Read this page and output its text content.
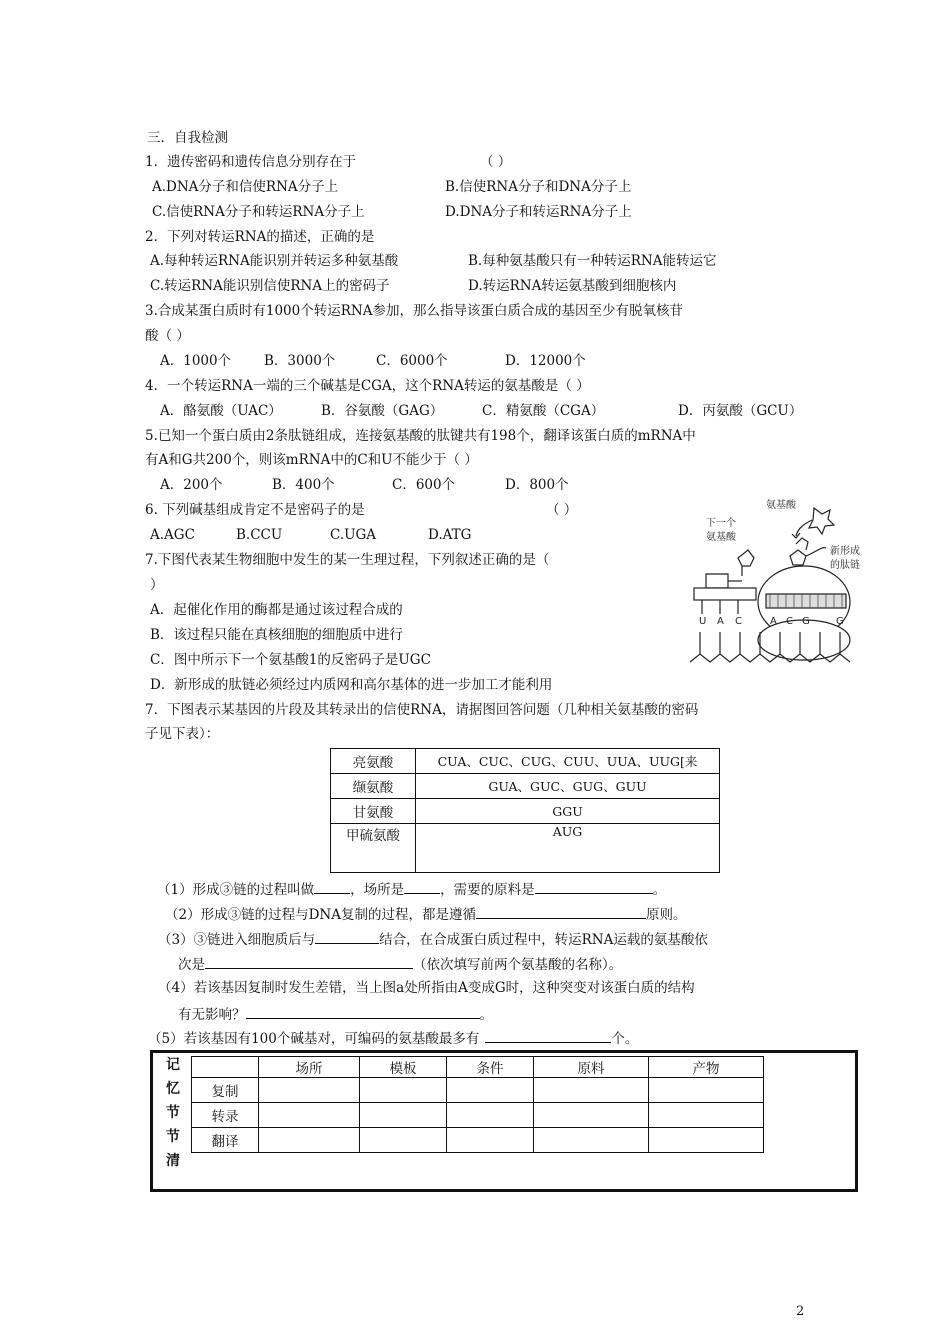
三．自我检测
1．遗传密码和遗传信息分别存在于	（ ）
A.DNA分子和信使RNA分子上	B.信使RNA分子和DNA分子上
C.信使RNA分子和转运RNA分子上	D.DNA分子和转运RNA分子上
2．下列对转运RNA的描述，正确的是
A.每种转运RNA能识别并转运多种氨基酸	B.每种氨基酸只有一种转运RNA能转运它
C.转运RNA能识别信使RNA上的密码子	D.转运RNA转运氨基酸到细胞核内
3.合成某蛋白质时有1000个转运RNA参加，那么指导该蛋白质合成的基因至少有脱氧核苷
酸（ ）
A．1000个 B．3000个	C．6000个	D．12000个
4．一个转运RNA一端的三个碱基是CGA，这个RNA转运的氨基酸是（ ）
A．酪氨酸（UAC）	B．谷氨酸（GAG）	C．精氨酸（CGA）	D．丙氨酸（GCU）
5.已知一个蛋白质由2条肽链组成，连接氨基酸的肽键共有198个，翻译该蛋白质的mRNA中
有A和G共200个，则该mRNA中的C和U不能少于（ ）
A．200个	B．400个	C．600个	D．800个
6. 下列碱基组成肯定不是密码子的是	（ ）
A.AGC	B.CCU	C.UGA	D.ATG
7.下图代表某生物细胞中发生的某一生理过程，下列叙述正确的是（
）
A．起催化作用的酶都是通过该过程合成的
B．该过程只能在真核细胞的细胞质中进行
C．图中所示下一个氨基酸1的反密码子是UGC
D．新形成的肽链必须经过内质网和高尔基体的进一步加工才能利用
氨基酸
下一个
氨基酸
新形成
的肽链
U A C	A C G	G
7．下图表示某基因的片段及其转录出的信使RNA，请据图回答问题（几种相关氨基酸的密码
子见下表）：
亮氨酸	CUA、CUC、CUG、CUU、UUA、UUG[来
缬氨酸	GUA、GUC、GUG、GUU
甘氨酸	GGU
甲硫氨酸	AUG
（1）形成③链的过程叫做	，场所是	，需要的原料是	。
（2）形成③链的过程与DNA复制的过程，都是遵循	原则。
（3）③链进入细胞质后与	结合，在合成蛋白质过程中，转运RNA运载的氨基酸依
次是	（依次填写前两个氨基酸的名称）。
（4）若该基因复制时发生差错，当上图a处所指由A变成G时，这种突变对该蛋白质的结构
有无影响？	。
（5）若该基因有100个碱基对，可编码的氨基酸最多有	个。
记
忆
节
节
清
	场所	模板	条件	原料	产物
复制					
转录					
翻译					
2
